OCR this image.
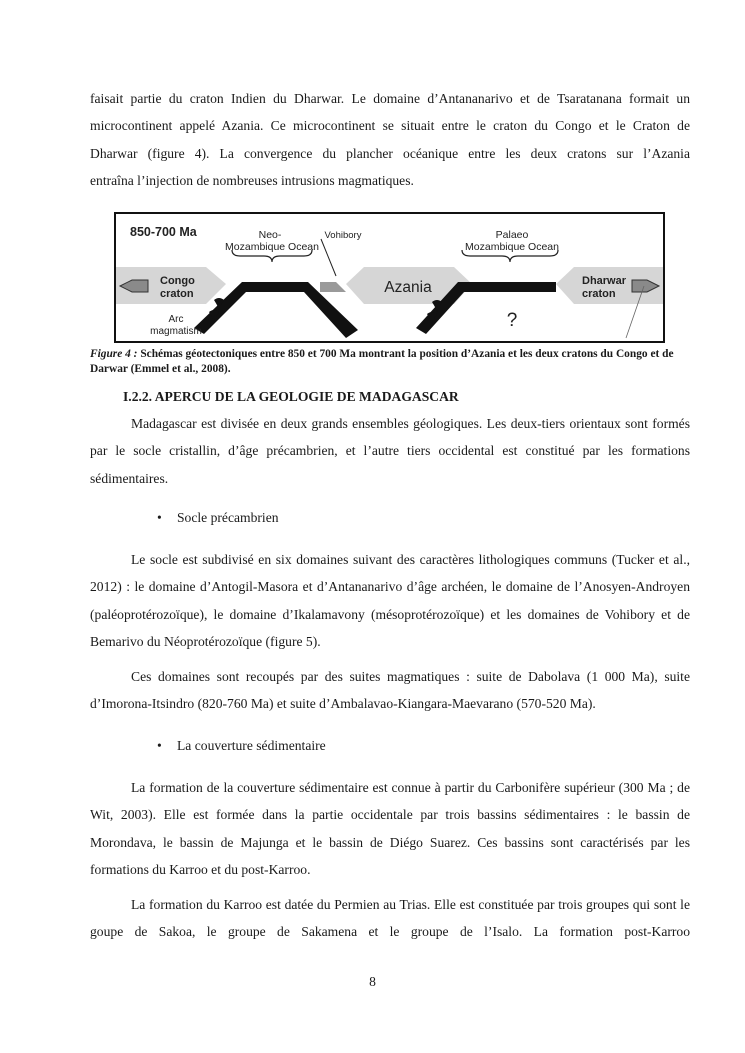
faisait partie du craton Indien du Dharwar. Le domaine d’Antananarivo et de Tsaratanana formait un
microcontinent appelé Azania. Ce microcontinent se situait entre le craton du Congo et le Craton de
Dharwar (figure 4). La convergence du plancher océanique entre les deux cratons sur l’Azania
entraîna l’injection de nombreuses intrusions magmatiques.
850-700 Ma	Neo-
Mozambique Ocean
Vohibory	Palaeo
Mozambique Ocean
Azania
Congo
craton
Dharwar
craton
Arc
magmatism
?

Figure 4 : Schémas géotectoniques entre 850 et 700 Ma montrant la position d’Azania et les deux cratons du Congo et de Darwar (Emmel et al., 2008).

I.2.2. APERCU DE LA GEOLOGIE DE MADAGASCAR

Madagascar est divisée en deux grands ensembles géologiques. Les deux-tiers orientaux sont formés par le socle cristallin, d’âge précambrien, et l’autre tiers occidental est constitué par les formations sédimentaires.

• Socle précambrien

Le socle est subdivisé en six domaines suivant des caractères lithologiques communs (Tucker et al., 2012) : le domaine d’Antogil-Masora et d’Antananarivo d’âge archéen, le domaine de l’Anosyen-Androyen (paléoprotérozoïque), le domaine d’Ikalamavony (mésoprotérozoïque) et les domaines de Vohibory et de Bemarivo du Néoprotérozoïque (figure 5).

Ces domaines sont recoupés par des suites magmatiques : suite de Dabolava (1 000 Ma), suite d’Imorona-Itsindro (820-760 Ma) et suite d’Ambalavao-Kiangara-Maevarano (570-520 Ma).

• La couverture sédimentaire

La formation de la couverture sédimentaire est connue à partir du Carbonifère supérieur (300 Ma ; de Wit, 2003). Elle est formée dans la partie occidentale par trois bassins sédimentaires : le bassin de Morondava, le bassin de Majunga et le bassin de Diégo Suarez. Ces bassins sont caractérisés par les formations du Karroo et du post-Karroo.

La formation du Karroo est datée du Permien au Trias. Elle est constituée par trois groupes qui sont le goupe de Sakoa, le groupe de Sakamena et le groupe de l’Isalo. La formation post-Karroo

8
